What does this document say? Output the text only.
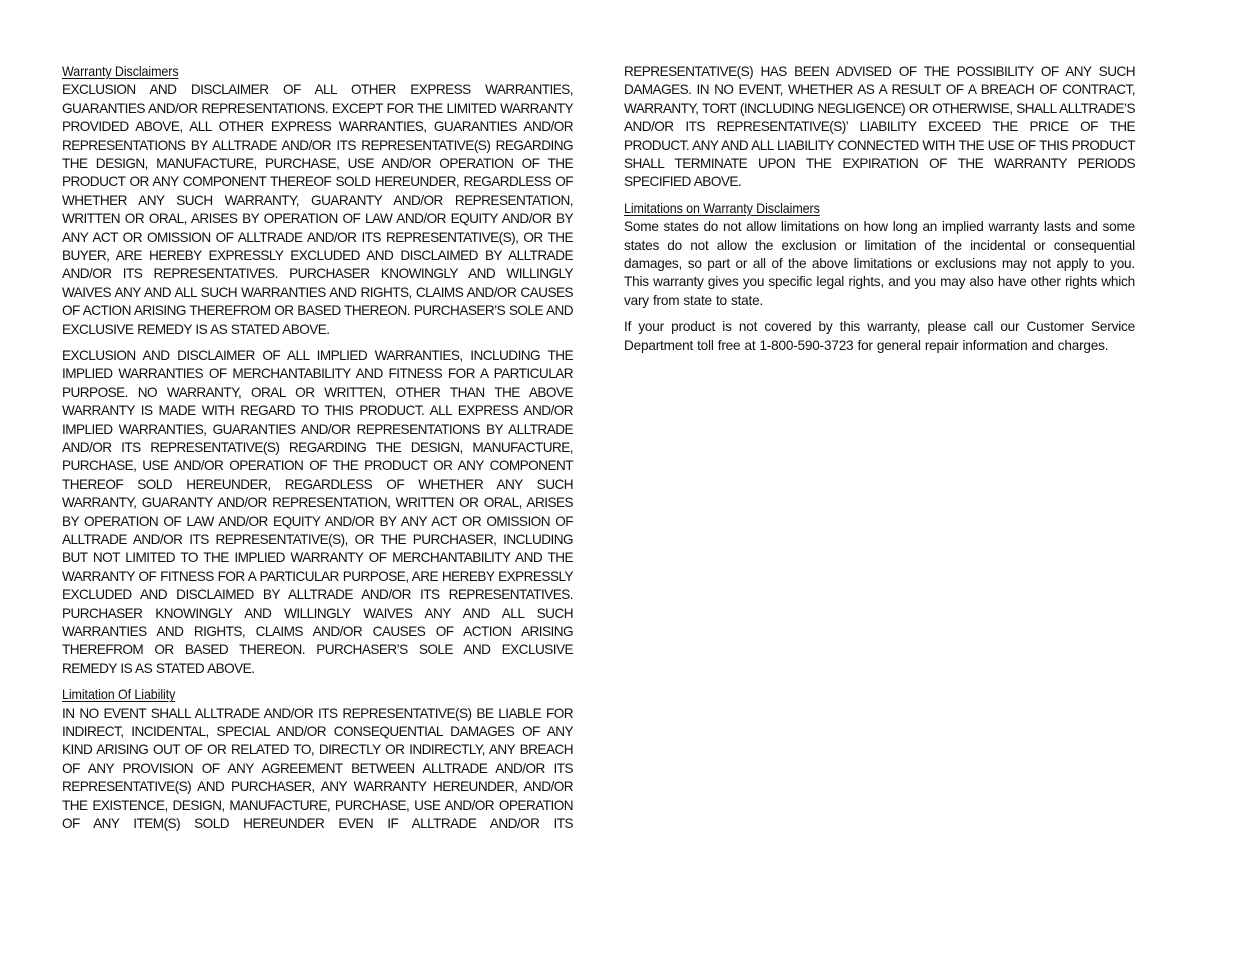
Warranty Disclaimers

EXCLUSION AND DISCLAIMER OF ALL OTHER EXPRESS WARRANTIES, GUARANTIES AND/OR REPRESENTATIONS. EXCEPT FOR THE LIMITED WARRANTY PROVIDED ABOVE, ALL OTHER EXPRESS WARRANTIES, GUARANTIES AND/OR REPRESENTATIONS BY ALLTRADE AND/OR ITS REPRESENTATIVE(S) REGARDING THE DESIGN, MANUFACTURE, PURCHASE, USE AND/OR OPERATION OF THE PRODUCT OR ANY COMPONENT THEREOF SOLD HEREUNDER, REGARDLESS OF WHETHER ANY SUCH WARRANTY, GUARANTY AND/OR REPRESENTATION, WRITTEN OR ORAL, ARISES BY OPERATION OF LAW AND/OR EQUITY AND/OR BY ANY ACT OR OMISSION OF ALLTRADE AND/OR ITS REPRESENTATIVE(S), OR THE BUYER, ARE HEREBY EXPRESSLY EXCLUDED AND DISCLAIMED BY ALLTRADE AND/OR ITS REPRESENTATIVES. PURCHASER KNOWINGLY AND WILLINGLY WAIVES ANY AND ALL SUCH WARRANTIES AND RIGHTS, CLAIMS AND/OR CAUSES OF ACTION ARISING THEREFROM OR BASED THEREON. PURCHASER’S SOLE AND EXCLUSIVE REMEDY IS AS STATED ABOVE.

EXCLUSION AND DISCLAIMER OF ALL IMPLIED WARRANTIES, INCLUDING THE IMPLIED WARRANTIES OF MERCHANTABILITY AND FITNESS FOR A PARTICULAR PURPOSE. NO WARRANTY, ORAL OR WRITTEN, OTHER THAN THE ABOVE WARRANTY IS MADE WITH REGARD TO THIS PRODUCT. ALL EXPRESS AND/OR IMPLIED WARRANTIES, GUARANTIES AND/OR REPRESENTATIONS BY ALLTRADE AND/OR ITS REPRESENTATIVE(S) REGARDING THE DESIGN, MANUFACTURE, PURCHASE, USE AND/OR OPERATION OF THE PRODUCT OR ANY COMPONENT THEREOF SOLD HEREUNDER, REGARDLESS OF WHETHER ANY SUCH WARRANTY, GUARANTY AND/OR REPRESENTATION, WRITTEN OR ORAL, ARISES BY OPERATION OF LAW AND/OR EQUITY AND/OR BY ANY ACT OR OMISSION OF ALLTRADE AND/OR ITS REPRESENTATIVE(S), OR THE PURCHASER, INCLUDING BUT NOT LIMITED TO THE IMPLIED WARRANTY OF MERCHANTABILITY AND THE WARRANTY OF FITNESS FOR A PARTICULAR PURPOSE, ARE HEREBY EXPRESSLY EXCLUDED AND DISCLAIMED BY ALLTRADE AND/OR ITS REPRESENTATIVES. PURCHASER KNOWINGLY AND WILLINGLY WAIVES ANY AND ALL SUCH WARRANTIES AND RIGHTS, CLAIMS AND/OR CAUSES OF ACTION ARISING THEREFROM OR BASED THEREON. PURCHASER’S SOLE AND EXCLUSIVE REMEDY IS AS STATED ABOVE.

Limitation Of Liability

IN NO EVENT SHALL ALLTRADE AND/OR ITS REPRESENTATIVE(S) BE LIABLE FOR INDIRECT, INCIDENTAL, SPECIAL AND/OR CONSEQUENTIAL DAMAGES OF ANY KIND ARISING OUT OF OR RELATED TO, DIRECTLY OR INDIRECTLY, ANY BREACH OF ANY PROVISION OF ANY AGREEMENT BETWEEN ALLTRADE AND/OR ITS REPRESENTATIVE(S) AND PURCHASER, ANY WARRANTY HEREUNDER, AND/OR THE EXISTENCE, DESIGN, MANUFACTURE, PURCHASE, USE AND/OR OPERATION OF ANY ITEM(S) SOLD HEREUNDER EVEN IF ALLTRADE AND/OR ITS

REPRESENTATIVE(S) HAS BEEN ADVISED OF THE POSSIBILITY OF ANY SUCH DAMAGES. IN NO EVENT, WHETHER AS A RESULT OF A BREACH OF CONTRACT, WARRANTY, TORT (INCLUDING NEGLIGENCE) OR OTHERWISE, SHALL ALLTRADE’S AND/OR ITS REPRESENTATIVE(S)’ LIABILITY EXCEED THE PRICE OF THE PRODUCT. ANY AND ALL LIABILITY CONNECTED WITH THE USE OF THIS PRODUCT SHALL TERMINATE UPON THE EXPIRATION OF THE WARRANTY PERIODS SPECIFIED ABOVE.

Limitations on Warranty Disclaimers

Some states do not allow limitations on how long an implied warranty lasts and some states do not allow the exclusion or limitation of the incidental or consequential damages, so part or all of the above limitations or exclusions may not apply to you. This warranty gives you specific legal rights, and you may also have other rights which vary from state to state.

If your product is not covered by this warranty, please call our Customer Service Department toll free at 1-800-590-3723 for general repair information and charges.
